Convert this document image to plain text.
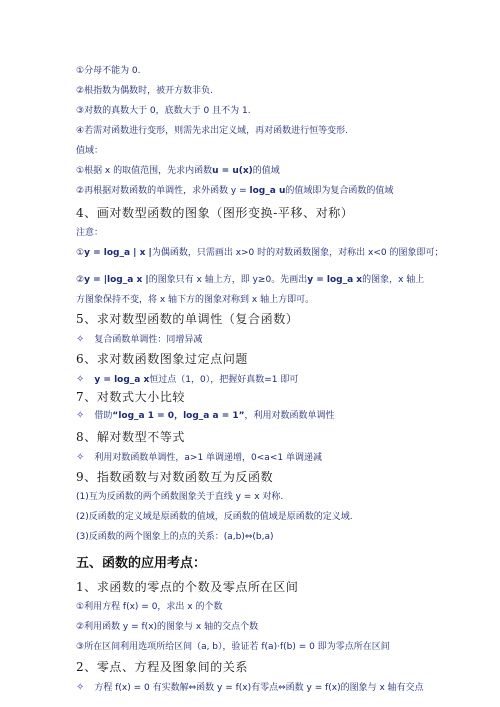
①分母不能为 0.
②根指数为偶数时，被开方数非负.
③对数的真数大于 0，底数大于 0 且不为 1.
④若需对函数进行变形，则需先求出定义域，再对函数进行恒等变形.
值域：
①根据 x 的取值范围，先求内函数u = u(x)的值域
②再根据对数函数的单调性，求外函数 y = log_a u的值域即为复合函数的值域
4、画对数型函数的图象（图形变换-平移、对称）
注意：
①y = log_a | x |为偶函数，只需画出 x>0 时的对数函数图象，对称出 x<0 的图象即可；
②y = |log_a x |的图象只有 x 轴上方，即 y≥0。先画出y = log_a x的图象，x 轴上方图象保持不变，将 x 轴下方的图象对称到 x 轴上方即可。
5、求对数型函数的单调性（复合函数）
✧ 复合函数单调性：同增异减
6、求对数函数图象过定点问题
✧ y = log_a x恒过点（1，0），把握好真数=1 即可
7、对数式大小比较
✧ 借助“log_a 1 = 0，log_a a = 1”，利用对数函数单调性
8、解对数型不等式
✧ 利用对数函数单调性，a>1 单调递增，0<a<1 单调递减
9、指数函数与对数函数互为反函数
(1)互为反函数的两个函数图象关于直线 y = x 对称.
(2)反函数的定义域是原函数的值域，反函数的值域是原函数的定义域.
(3)反函数的两个图象上的点的关系：(a,b)⇔(b,a)
五、函数的应用考点：
1、求函数的零点的个数及零点所在区间
①利用方程 f(x) = 0，求出 x 的个数
②利用函数 y = f(x)的图象与 x 轴的交点个数
③所在区间利用选项所给区间（a, b），验证若 f(a)·f(b) = 0 即为零点所在区间
2、零点、方程及图象间的关系
✧ 方程 f(x) = 0 有实数解⇔函数 y = f(x)有零点⇔函数 y = f(x)的图象与 x 轴有交点
